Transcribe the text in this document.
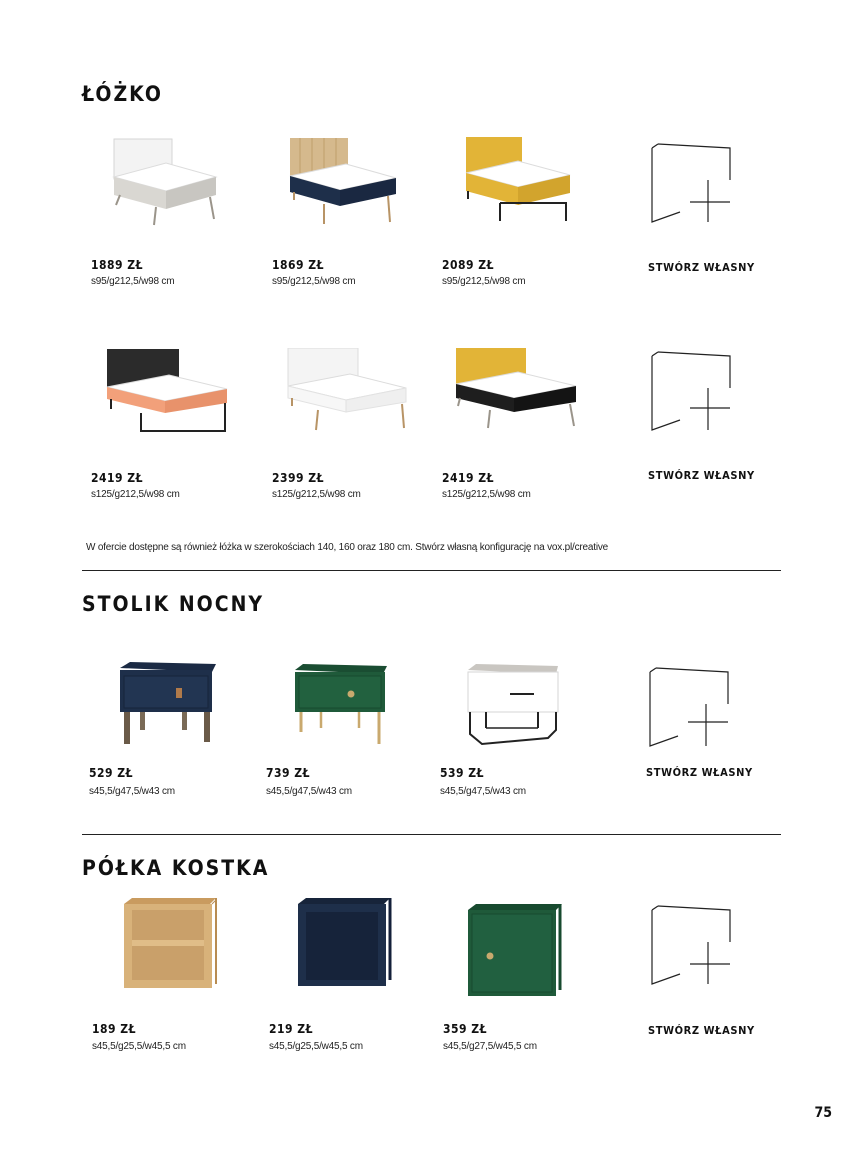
ŁÓŻKO
1889 ZŁ
s95/g212,5/w98 cm
1869 ZŁ
s95/g212,5/w98 cm
2089 ZŁ
s95/g212,5/w98 cm
STWÓRZ WŁASNY
2419 ZŁ
s125/g212,5/w98 cm
2399 ZŁ
s125/g212,5/w98 cm
2419 ZŁ
s125/g212,5/w98 cm
STWÓRZ WŁASNY
W ofercie dostępne są również łóżka w szerokościach 140, 160 oraz 180 cm. Stwórz własną konfigurację na vox.pl/creative
STOLIK NOCNY
529 ZŁ
s45,5/g47,5/w43 cm
739 ZŁ
s45,5/g47,5/w43 cm
539 ZŁ
s45,5/g47,5/w43 cm
STWÓRZ WŁASNY
PÓŁKA KOSTKA
189 ZŁ
s45,5/g25,5/w45,5 cm
219 ZŁ
s45,5/g25,5/w45,5 cm
359 ZŁ
s45,5/g27,5/w45,5 cm
STWÓRZ WŁASNY
75
